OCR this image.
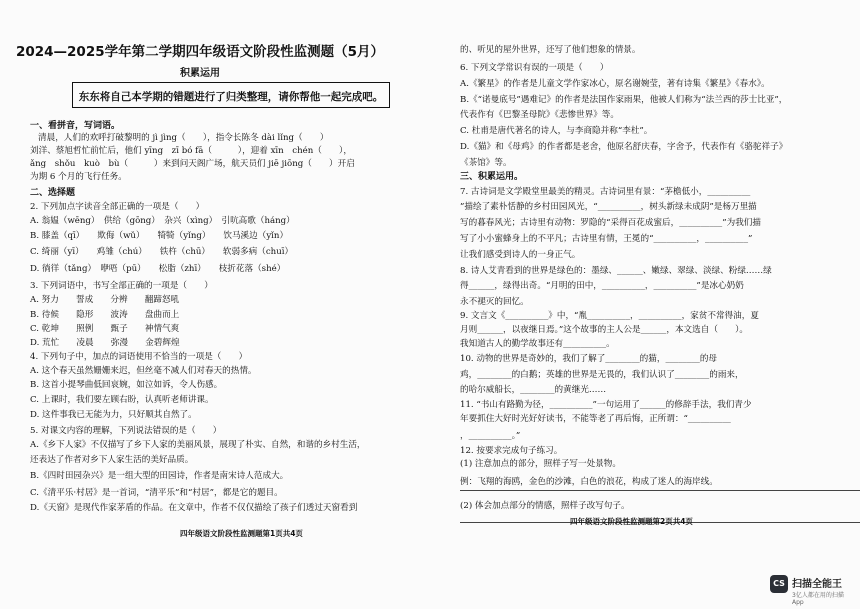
2024—2025学年第二学期四年级语文阶段性监测题（5月）
积累运用
东东将自己本学期的错题进行了归类整理，请你帮他一起完成吧。
一、看拼音，写词语。
清晨，人们的欢呼打破黎明的 jì jìng（　　），指令长陈冬 dài lǐng（　　）
刘洋、蔡旭哲忙前忙后，他们 yīng　zī bó fā（　　　），迎着 xīn　chén（　　），
ǎng　shǒu　kuò　bù（　　　）来到问天阁广场，航天员们 jiē jiōng（　　）开启
为期 6 个月的飞行任务。
二、选择题
2. 下列加点字读音全部正确的一项是（　　）
A. 翁媪（wēng）　供给（gōng）　杂兴（xìng）　引吭高歌（háng）
B. 膝盖（qī）　　欺侮（wǔ）　　犄犄（yǐng）　　饮马溪边（yǐn）
C. 绮丽（yī）　　鸡雏（chú）　　铁杵（chū）　　软弱多病（chuī）
D. 徜徉（tǎng）　咿唔（pū）　　松脂（zhī）　　枝折花落（shé）
3. 下列词语中，书写全部正确的一项是（　　）
A. 努力　　誓成　　分辨　　翻蹄怒吼
B. 待候　　隐形　　波涛　　盘曲而上
C. 乾坤　　照例　　甄子　　神情气爽
D. 荒忙　　凌晨　　弥漫　　金碧辉煌
4. 下列句子中，加点的词语使用不恰当的一项是（　　）
A. 这个春天虽然姗姗来迟，但丝毫不减人们对春天的热情。
B. 这首小提琴曲低回哀婉，如泣如诉，令人伤感。
C. 上课时，我们要左顾右盼，认真听老师讲课。
D. 这件事我已无能为力，只好顺其自然了。
5. 对课文内容的理解，下列说法错误的是（　　）
A.《乡下人家》不仅描写了乡下人家的美丽风景，展现了朴实、自然，和谐的乡村生活，
还表达了作者对乡下人家生活的美好品质。
B.《四时田园杂兴》是一组大型的田园诗，作者是南宋诗人范成大。
C.《清平乐·村居》是一首词，“清平乐”和“村居”，都是它的题目。
D.《天窗》是现代作家茅盾的作品。在文章中，作者不仅仅描绘了孩子们透过天窗看到
四年级语文阶段性监测题第1页共4页
的、听见的屋外世界，还写了他们想象的情景。
6. 下列文学常识有误的一项是（　　）
A.《繁星》的作者是儿童文学作家冰心，原名谢婉莹，著有诗集《繁星》《春水》。
B.《“诺曼底号”遇难记》的作者是法国作家雨果，他被人们称为“法兰西的莎士比亚”，
代表作有《巴黎圣母院》《悲惨世界》等。
C. 杜甫是唐代著名的诗人，与李商隐并称“李杜”。
D.《猫》和《母鸡》的作者都是老舍，他原名舒庆春，字舍予，代表作有《骆驼祥子》
《茶馆》等。
三、积累运用。
7. 古诗词是文学殿堂里最美的精灵。古诗词里有景：“茅檐低小，__________
”描绘了素朴恬静的乡村田园风光，“__________，树头新绿未成阴”是杨万里描
写的暮春风光；古诗里有动物：罗隐的“采得百花成蜜后，__________”为我们描
写了小小蜜蜂身上的不平凡；古诗里有情，王冕的“__________，__________”
让我们感受到诗人的一身正气。
8. 诗人艾青看到的世界是绿色的：墨绿、______、嫩绿、翠绿、淡绿、粉绿……绿
得______，绿得出奇。“月明的田中，__________，__________”是冰心奶奶
永不褪灭的回忆。
9. 文言文《__________》中，“胤__________，__________，家贫不常得油，夏
月则______，以夜继日焉。”这个故事的主人公是______，本文选自（　　）。
我知道古人的勤学故事还有__________。
10. 动物的世界是奇妙的，我们了解了________的猫，________的母
鸡，________的白鹅；英雄的世界是无畏的，我们认识了________的雨来，
的哈尔威船长，________的黄继光……
11. “书山有路勤为径，__________”一句运用了______的修辞手法，我们青少
年要抓住大好时光好好读书，不能等老了再后悔，正所谓：“__________
，__________。”
12. 按要求完成句子练习。
(1) 注意加点的部分，照样子写一处景物。
例：飞翔的海鸥，金色的沙滩，白色的浪花，构成了迷人的海岸线。
(2) 体会加点部分的情感，照样子改写句子。
四年级语文阶段性监测题第2页共4页
CS 扫描全能王
3亿人都在用的扫描App
